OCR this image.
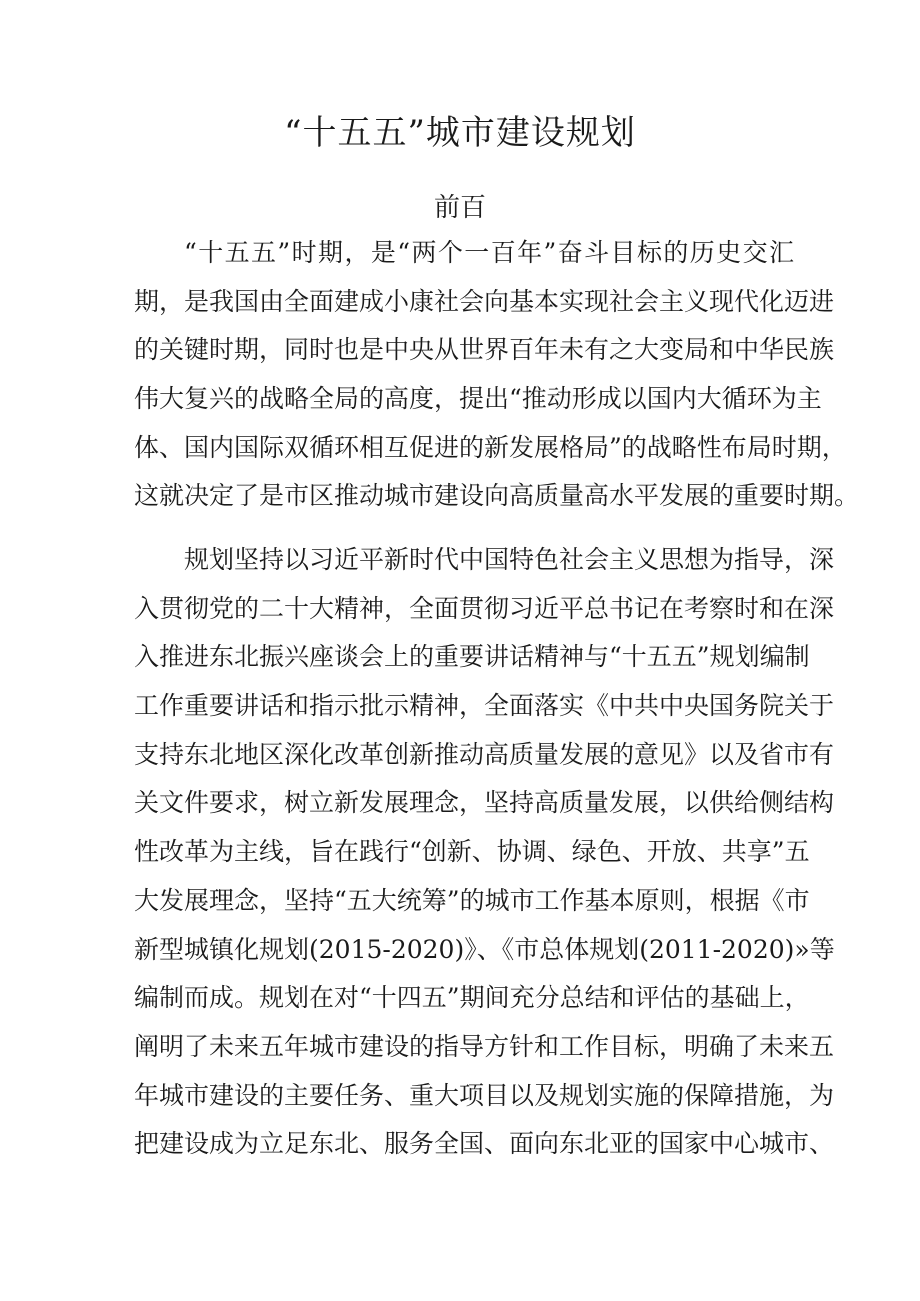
“十五五”城市建设规划
前百
“十五五”时期，是“两个一百年”奋斗目标的历史交汇
期，是我国由全面建成小康社会向基本实现社会主义现代化迈进
的关键时期，同时也是中央从世界百年未有之大变局和中华民族
伟大复兴的战略全局的高度，提出“推动形成以国内大循环为主
体、国内国际双循环相互促进的新发展格局”的战略性布局时期，
这就决定了是市区推动城市建设向高质量高水平发展的重要时期。
规划坚持以习近平新时代中国特色社会主义思想为指导，深
入贯彻党的二十大精神，全面贯彻习近平总书记在考察时和在深
入推进东北振兴座谈会上的重要讲话精神与“十五五”规划编制
工作重要讲话和指示批示精神，全面落实《中共中央国务院关于
支持东北地区深化改革创新推动高质量发展的意见》以及省市有
关文件要求，树立新发展理念，坚持高质量发展，以供给侧结构
性改革为主线，旨在践行“创新、协调、绿色、开放、共享”五
大发展理念，坚持“五大统筹”的城市工作基本原则，根据《市
新型城镇化规划(2015-2020)》、《市总体规划(2011-2020)»等
编制而成。规划在对“十四五”期间充分总结和评估的基础上，
阐明了未来五年城市建设的指导方针和工作目标，明确了未来五
年城市建设的主要任务、重大项目以及规划实施的保障措施，为
把建设成为立足东北、服务全国、面向东北亚的国家中心城市、
